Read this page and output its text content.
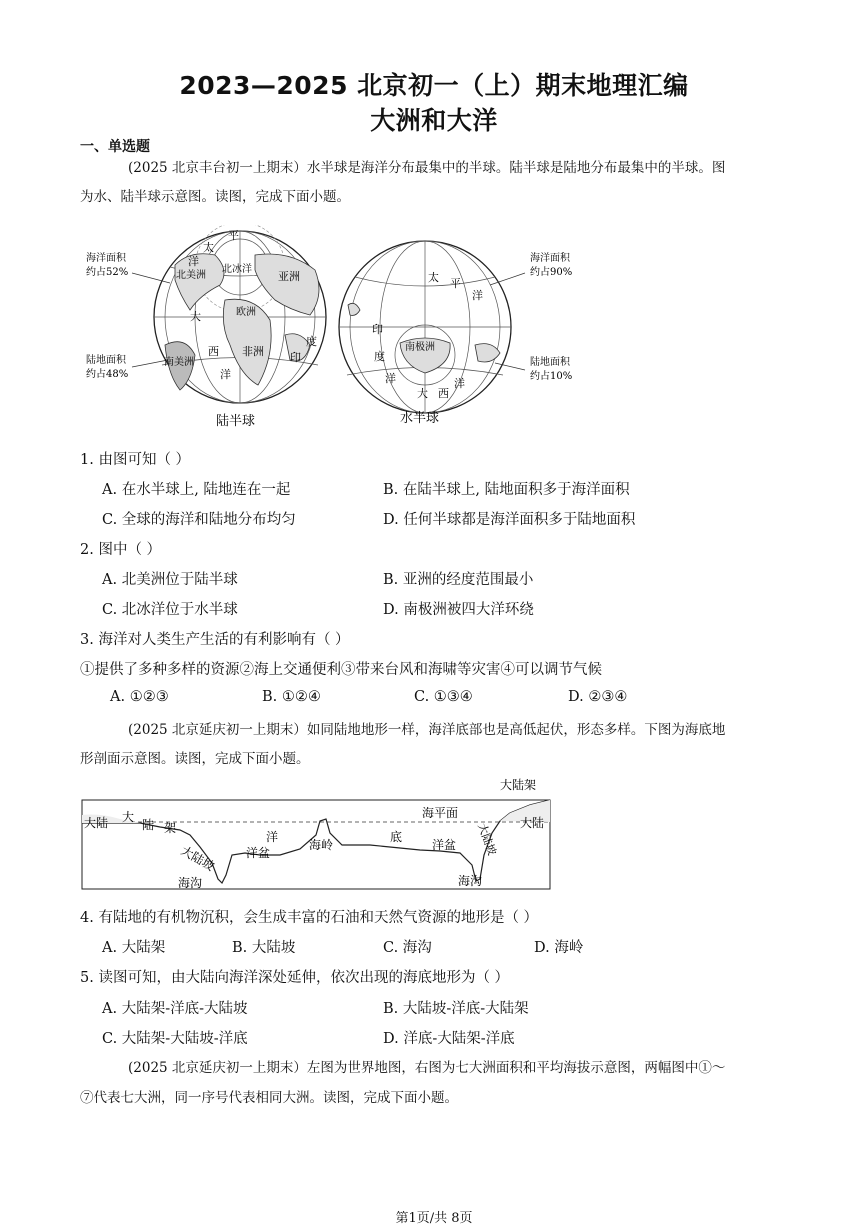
2023—2025 北京初一（上）期末地理汇编
大洲和大洋
一、单选题
(2025 北京丰台初一上期末）水半球是海洋分布最集中的半球。陆半球是陆地分布最集中的半球。图
为水、陆半球示意图。读图，完成下面小题。
海洋面积
约占52%
陆地面积
约占48%
海洋面积
约占90%
陆地面积
约占10%
太
平
洋
北美洲
北冰洋
亚洲
大	欧洲
西
南美洲
非洲 印
度
洋
太 平
洋
印
度
洋
南极洲
大 西
洋
陆半球	水半球
1. 由图可知（ ）
A. 在水半球上, 陆地连在一起	B. 在陆半球上, 陆地面积多于海洋面积
C. 全球的海洋和陆地分布均匀	D. 任何半球都是海洋面积多于陆地面积
2. 图中（ ）
A. 北美洲位于陆半球	B. 亚洲的经度范围最小
C. 北冰洋位于水半球	D. 南极洲被四大洋环绕
3. 海洋对人类生产生活的有利影响有（ ）
①提供了多种多样的资源②海上交通便利③带来台风和海啸等灾害④可以调节气候
A. ①②③	B. ①②④	C. ①③④	D. ②③④
(2025 北京延庆初一上期末）如同陆地地形一样，海洋底部也是高低起伏，形态多样。下图为海底地
形剖面示意图。读图，完成下面小题。
大陆 大
陆 架
大陆坡
洋
洋盆
海岭
底
洋盆
海平面
大陆架
大陆坡 大陆
海沟	海沟
4. 有陆地的有机物沉积，会生成丰富的石油和天然气资源的地形是（ ）
A. 大陆架	B. 大陆坡	C. 海沟	D. 海岭
5. 读图可知，由大陆向海洋深处延伸，依次出现的海底地形为（ ）
A. 大陆架-洋底-大陆坡	B. 大陆坡-洋底-大陆架
C. 大陆架-大陆坡-洋底	D. 洋底-大陆架-洋底
(2025 北京延庆初一上期末）左图为世界地图，右图为七大洲面积和平均海拔示意图，两幅图中①～
⑦代表七大洲，同一序号代表相同大洲。读图，完成下面小题。
第1页/共 8页
